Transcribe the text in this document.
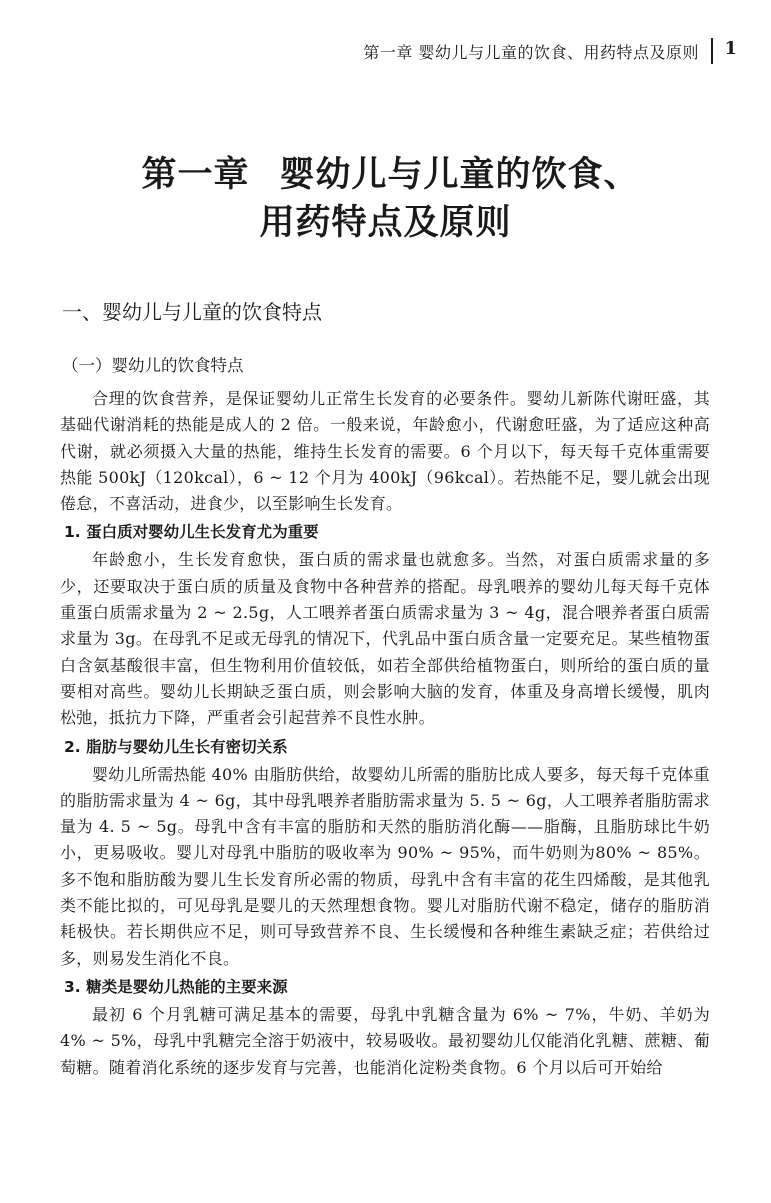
第一章 婴幼儿与儿童的饮食、用药特点及原则 1
第一章 婴幼儿与儿童的饮食、
用药特点及原则
一、婴幼儿与儿童的饮食特点
（一）婴幼儿的饮食特点

合理的饮食营养，是保证婴幼儿正常生长发育的必要条件。婴幼儿新陈代谢旺盛，其基础代谢消耗的热能是成人的 2 倍。一般来说，年龄愈小，代谢愈旺盛，为了适应这种高代谢，就必须摄入大量的热能，维持生长发育的需要。6 个月以下，每天每千克体重需要热能 500kJ（120kcal），6 ~ 12 个月为 400kJ（96kcal）。若热能不足，婴儿就会出现倦怠，不喜活动，进食少，以至影响生长发育。

1. 蛋白质对婴幼儿生长发育尤为重要

年龄愈小，生长发育愈快，蛋白质的需求量也就愈多。当然，对蛋白质需求量的多少，还要取决于蛋白质的质量及食物中各种营养的搭配。母乳喂养的婴幼儿每天每千克体重蛋白质需求量为 2 ~ 2.5g，人工喂养者蛋白质需求量为 3 ~ 4g，混合喂养者蛋白质需求量为 3g。在母乳不足或无母乳的情况下，代乳品中蛋白质含量一定要充足。某些植物蛋白含氨基酸很丰富，但生物利用价值较低，如若全部供给植物蛋白，则所给的蛋白质的量要相对高些。婴幼儿长期缺乏蛋白质，则会影响大脑的发育，体重及身高增长缓慢，肌肉松弛，抵抗力下降，严重者会引起营养不良性水肿。

2. 脂肪与婴幼儿生长有密切关系

婴幼儿所需热能 40% 由脂肪供给，故婴幼儿所需的脂肪比成人要多，每天每千克体重的脂肪需求量为 4 ~ 6g，其中母乳喂养者脂肪需求量为 5. 5 ~ 6g，人工喂养者脂肪需求量为 4. 5 ~ 5g。母乳中含有丰富的脂肪和天然的脂肪消化酶——脂酶，且脂肪球比牛奶小，更易吸收。婴儿对母乳中脂肪的吸收率为 90% ~ 95%，而牛奶则为80% ~ 85%。多不饱和脂肪酸为婴儿生长发育所必需的物质，母乳中含有丰富的花生四烯酸，是其他乳类不能比拟的，可见母乳是婴儿的天然理想食物。婴儿对脂肪代谢不稳定，储存的脂肪消耗极快。若长期供应不足，则可导致营养不良、生长缓慢和各种维生素缺乏症；若供给过多，则易发生消化不良。

3. 糖类是婴幼儿热能的主要来源

最初 6 个月乳糖可满足基本的需要，母乳中乳糖含量为 6% ~ 7%，牛奶、羊奶为 4% ~ 5%，母乳中乳糖完全溶于奶液中，较易吸收。最初婴幼儿仅能消化乳糖、蔗糖、葡萄糖。随着消化系统的逐步发育与完善，也能消化淀粉类食物。6 个月以后可开始给
